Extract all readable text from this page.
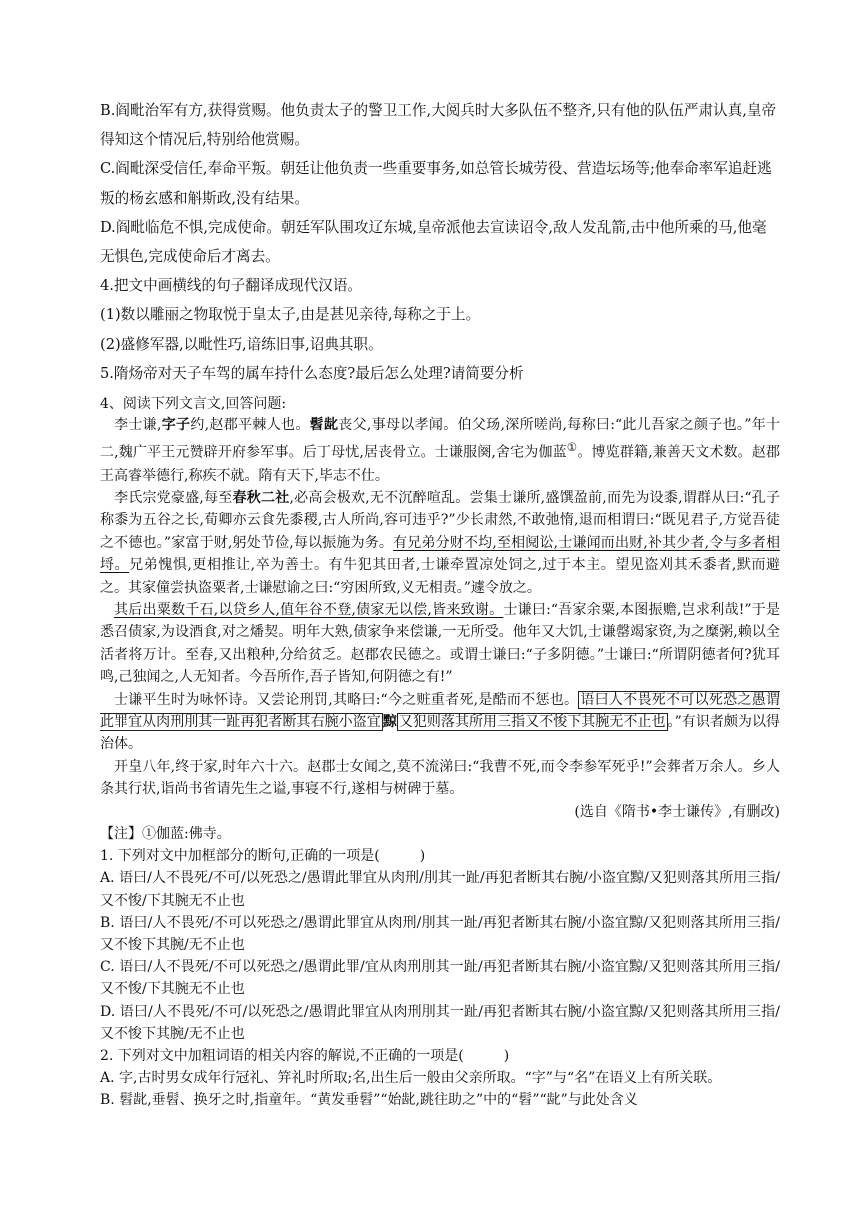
B.阎毗治军有方,获得赏赐。他负责太子的警卫工作,大阅兵时大多队伍不整齐,只有他的队伍严肃认真,皇帝得知这个情况后,特别给他赏赐。

C.阎毗深受信任,奉命平叛。朝廷让他负责一些重要事务,如总管长城劳役、营造坛场等;他奉命率军追赶逃叛的杨玄感和斛斯政,没有结果。

D.阎毗临危不惧,完成使命。朝廷军队围攻辽东城,皇帝派他去宣读诏令,敌人发乱箭,击中他所乘的马,他毫无惧色,完成使命后才离去。

4.把文中画横线的句子翻译成现代汉语。

(1)数以雕丽之物取悦于皇太子,由是甚见亲待,每称之于上。

(2)盛修军器,以毗性巧,谙练旧事,诏典其职。

5.隋炀帝对天子车驾的属车持什么态度?最后怎么处理?请简要分析

4、阅读下列文言文,回答问题:

李士谦,字子约,赵郡平棘人也。髫龀丧父,事母以孝闻。伯父玚,深所嗟尚,每称曰:“此儿吾家之颜子也。”年十二,魏广平王元赞辟开府参军事。后丁母忧,居丧骨立。士谦服阕,舍宅为伽蓝①。博览群籍,兼善天文术数。赵郡王高睿举德行,称疾不就。隋有天下,毕志不仕。

李氏宗党豪盛,每至春秋二社,必高会极欢,无不沉醉喧乱。尝集士谦所,盛馔盈前,而先为设黍,谓群从曰:“孔子称黍为五谷之长,荀卿亦云食先黍稷,古人所尚,容可违乎?”少长肃然,不敢弛惰,退而相谓曰:“既见君子,方觉吾徒之不德也。”家富于财,躬处节俭,每以振施为务。有兄弟分财不均,至相阋讼,士谦闻而出财,补其少者,令与多者相埒。兄弟愧惧,更相推让,卒为善士。有牛犯其田者,士谦牵置凉处饲之,过于本主。望见盗刈其禾黍者,默而避之。其家僮尝执盗粟者,士谦慰谕之曰:“穷困所致,义无相责。”遽令放之。

其后出粟数千石,以贷乡人,值年谷不登,债家无以偿,皆来致谢。士谦曰:“吾家余粟,本图振赡,岂求利哉!”于是悉召债家,为设酒食,对之燔契。明年大熟,债家争来偿谦,一无所受。他年又大饥,士谦罄竭家资,为之糜粥,赖以全活者将万计。至春,又出粮种,分给贫乏。赵郡农民德之。或谓士谦曰:“子多阴德。”士谦曰:“所谓阴德者何?犹耳鸣,己独闻之,人无知者。今吾所作,吾子皆知,何阴德之有!”

士谦平生时为咏怀诗。又尝论刑罚,其略曰:“今之赃重者死,是酷而不惩也。 语曰人不畏死不可以死恐之愚谓此罪宜从肉刑刖其一趾再犯者断其右腕小盗宜 黥 又犯则落其所用三指又不悛下其腕无不止也 。”有识者颇为以得治体。

开皇八年,终于家,时年六十六。赵郡士女闻之,莫不流涕曰:“我曹不死,而令李参军死乎!”会葬者万余人。乡人条其行状,诣尚书省请先生之谥,事寝不行,遂相与树碑于墓。

(选自《隋书•李士谦传》,有删改)

【注】①伽蓝:佛寺。

1. 下列对文中加框部分的断句,正确的一项是(	)

A. 语曰/人不畏死/不可/以死恐之/愚谓此罪宜从肉刑/刖其一趾/再犯者断其右腕/小盗宜黥/又犯则落其所用三指/又不悛/下其腕无不止也

B. 语曰/人不畏死/不可以死恐之/愚谓此罪宜从肉刑/刖其一趾/再犯者断其右腕/小盗宜黥/又犯则落其所用三指/又不悛下其腕/无不止也

C. 语曰/人不畏死/不可以死恐之/愚谓此罪/宜从肉刑刖其一趾/再犯者断其右腕/小盗宜黥/又犯则落其所用三指/又不悛/下其腕无不止也

D. 语曰/人不畏死/不可/以死恐之/愚谓此罪宜从肉刑刖其一趾/再犯者断其右腕/小盗宜黥/又犯则落其所用三指/又不悛下其腕/无不止也

2. 下列对文中加粗词语的相关内容的解说,不正确的一项是(	)

A. 字,古时男女成年行冠礼、笄礼时所取;名,出生后一般由父亲所取。“字”与“名”在语义上有所关联。

B. 髫龀,垂髫、换牙之时,指童年。“黄发垂髫”“始龀,跳往助之”中的“髫”“龀”与此处含义
